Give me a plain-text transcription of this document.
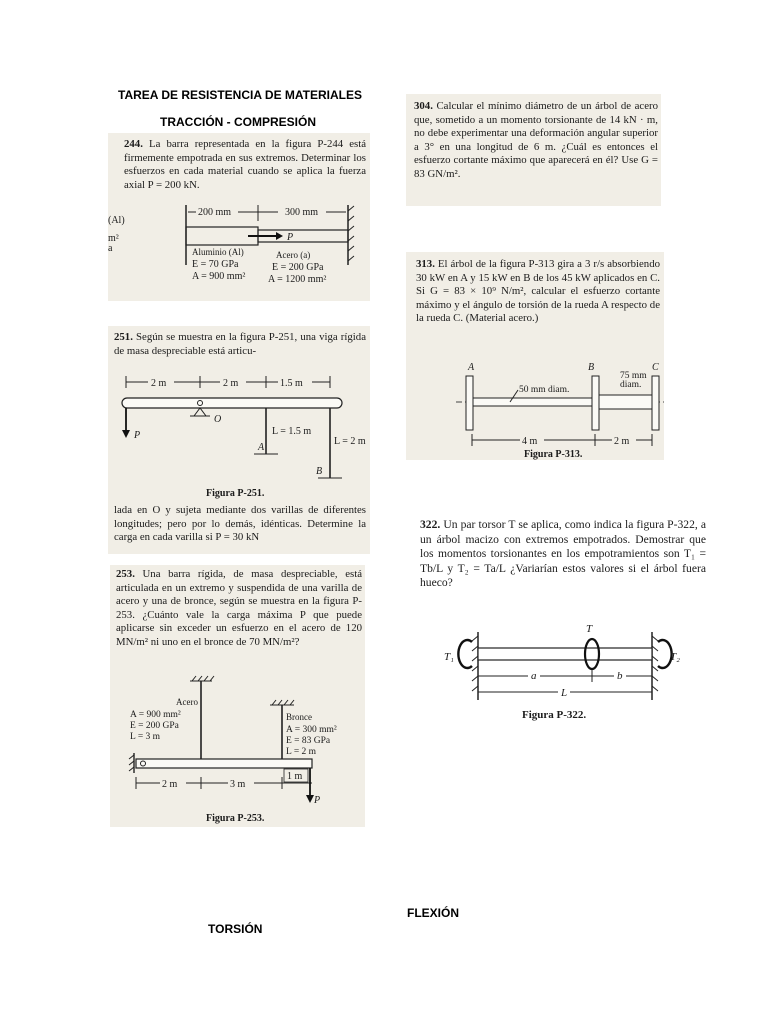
TAREA DE RESISTENCIA DE MATERIALES
TRACCIÓN - COMPRESIÓN
FLEXIÓN
TORSIÓN

244. La barra representada en la figura P-244 está firmemente empotrada en sus extremos. Determinar los esfuerzos en cada material cuando se aplica la fuerza axial P = 200 kN.

(Al)
m²
a
200 mm	300 mm
P
Aluminio (Al)
E = 70 GPa
A = 900 mm²
Acero (a)
E = 200 GPa
A = 1200 mm²

251. Según se muestra en la figura P-251, una viga rígida de masa despreciable está articu-

2 m	2 m	1.5 m
O
P
A
L = 1.5 m
B
L = 2 m
Figura P-251.

lada en O y sujeta mediante dos varillas de diferentes longitudes; pero por lo demás, idénticas. Determine la carga en cada varilla si P = 30 kN

253. Una barra rígida, de masa despreciable, está articulada en un extremo y suspendida de una varilla de acero y una de bronce, según se muestra en la figura P-253. ¿Cuánto vale la carga máxima P que puede aplicarse sin exceder un esfuerzo en el acero de 120 MN/m² ni uno en el bronce de 70 MN/m²?

Acero
A = 900 mm²
E = 200 GPa
L = 3 m
Bronce
A = 300 mm²
E = 83 GPa
L = 2 m
2 m	3 m
1 m
P
Figura P-253.

304. Calcular el mínimo diámetro de un árbol de acero que, sometido a un momento torsionante de 14 kN · m, no debe experimentar una deformación angular superior a 3° en una longitud de 6 m. ¿Cuál es entonces el esfuerzo cortante máximo que aparecerá en él? Use G = 83 GN/m².

313. El árbol de la figura P-313 gira a 3 r/s absorbiendo 30 kW en A y 15 kW en B de los 45 kW aplicados en C. Si G = 83 × 10⁹ N/m², calcular el esfuerzo cortante máximo y el ángulo de torsión de la rueda A respecto de la rueda C. (Material acero.)

A	B	C
50 mm diam.
75 mm
diam.
4 m	2 m
Figura P-313.

322. Un par torsor T se aplica, como indica la figura P-322, a un árbol macizo con extremos empotrados. Demostrar que los momentos torsionantes en los empotramientos son T₁ = Tb/L y T₂ = Ta/L ¿Variarían estos valores si el árbol fuera hueco?

T₁	T₂
T
a	b
L
Figura P-322.
